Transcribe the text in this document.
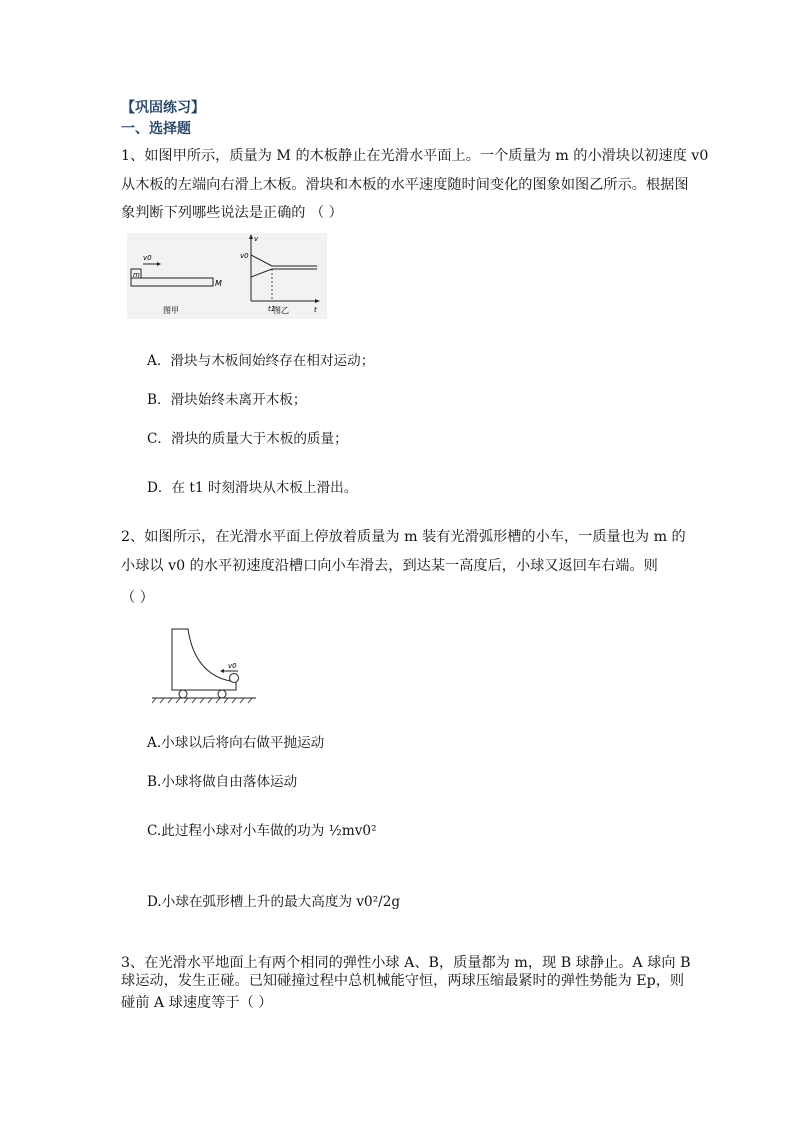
【巩固练习】
一、选择题
1、如图甲所示，质量为 M 的木板静止在光滑水平面上。一个质量为 m 的小滑块以初速度 v0
从木板的左端向右滑上木板。滑块和木板的水平速度随时间变化的图象如图乙所示。根据图
象判断下列哪些说法是正确的 （ ）
m
v0
M
图甲
v
t
v0
t1
图乙
A．滑块与木板间始终存在相对运动；
B．滑块始终未离开木板；
C．滑块的质量大于木板的质量；
D．在 t1 时刻滑块从木板上滑出。
2、如图所示，在光滑水平面上停放着质量为 m 装有光滑弧形槽的小车，一质量也为 m 的
小球以 v0 的水平初速度沿槽口向小车滑去，到达某一高度后，小球又返回车右端。则
（ ）
v0
A.小球以后将向右做平抛运动
B.小球将做自由落体运动
C.此过程小球对小车做的功为 ½mv0²
D.小球在弧形槽上升的最大高度为 v0²/2g
3、在光滑水平地面上有两个相同的弹性小球 A、B，质量都为 m，现 B 球静止。A 球向 B
球运动，发生正碰。已知碰撞过程中总机械能守恒，两球压缩最紧时的弹性势能为 Ep，则
碰前 A 球速度等于（ ）
